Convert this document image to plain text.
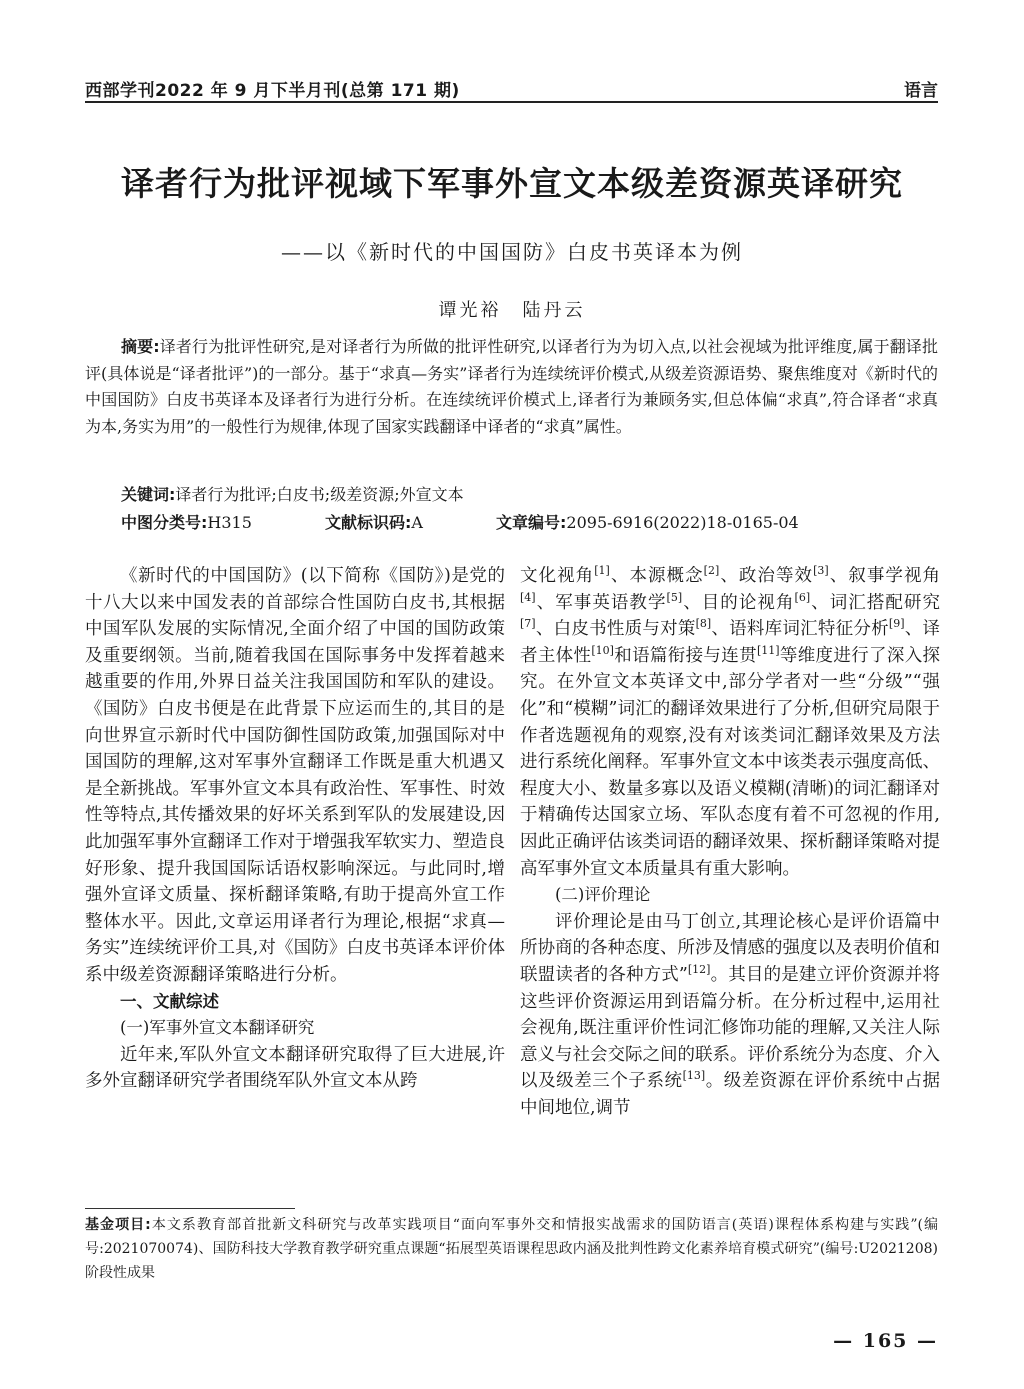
西部学刊2022 年 9 月下半月刊(总第 171 期)	语言
译者行为批评视域下军事外宣文本级差资源英译研究
——以《新时代的中国国防》白皮书英译本为例
谭光裕　陆丹云
摘要:译者行为批评性研究,是对译者行为所做的批评性研究,以译者行为为切入点,以社会视域为批评维度,属于翻译批评(具体说是“译者批评”)的一部分。基于“求真—务实”译者行为连续统评价模式,从级差资源语势、聚焦维度对《新时代的中国国防》白皮书英译本及译者行为进行分析。在连续统评价模式上,译者行为兼顾务实,但总体偏“求真”,符合译者“求真为本,务实为用”的一般性行为规律,体现了国家实践翻译中译者的“求真”属性。
关键词:译者行为批评;白皮书;级差资源;外宣文本
中图分类号:H315	文献标识码:A	文章编号:2095-6916(2022)18-0165-04

《新时代的中国国防》(以下简称《国防》)是党的十八大以来中国发表的首部综合性国防白皮书,其根据中国军队发展的实际情况,全面介绍了中国的国防政策及重要纲领。当前,随着我国在国际事务中发挥着越来越重要的作用,外界日益关注我国国防和军队的建设。《国防》白皮书便是在此背景下应运而生的,其目的是向世界宣示新时代中国防御性国防政策,加强国际对中国国防的理解,这对军事外宣翻译工作既是重大机遇又是全新挑战。军事外宣文本具有政治性、军事性、时效性等特点,其传播效果的好坏关系到军队的发展建设,因此加强军事外宣翻译工作对于增强我军软实力、塑造良好形象、提升我国国际话语权影响深远。与此同时,增强外宣译文质量、探析翻译策略,有助于提高外宣工作整体水平。因此,文章运用译者行为理论,根据“求真—务实”连续统评价工具,对《国防》白皮书英译本评价体系中级差资源翻译策略进行分析。

一、文献综述

(一)军事外宣文本翻译研究

近年来,军队外宣文本翻译研究取得了巨大进展,许多外宣翻译研究学者围绕军队外宣文本从跨

文化视角[1]、本源概念[2]、政治等效[3]、叙事学视角[4]、军事英语教学[5]、目的论视角[6]、词汇搭配研究[7]、白皮书性质与对策[8]、语料库词汇特征分析[9]、译者主体性[10]和语篇衔接与连贯[11]等维度进行了深入探究。在外宣文本英译文中,部分学者对一些“分级”“强化”和“模糊”词汇的翻译效果进行了分析,但研究局限于作者选题视角的观察,没有对该类词汇翻译效果及方法进行系统化阐释。军事外宣文本中该类表示强度高低、程度大小、数量多寡以及语义模糊(清晰)的词汇翻译对于精确传达国家立场、军队态度有着不可忽视的作用,因此正确评估该类词语的翻译效果、探析翻译策略对提高军事外宣文本质量具有重大影响。

(二)评价理论

评价理论是由马丁创立,其理论核心是评价语篇中所协商的各种态度、所涉及情感的强度以及表明价值和联盟读者的各种方式”[12]。其目的是建立评价资源并将这些评价资源运用到语篇分析。在分析过程中,运用社会视角,既注重评价性词汇修饰功能的理解,又关注人际意义与社会交际之间的联系。评价系统分为态度、介入以及级差三个子系统[13]。级差资源在评价系统中占据中间地位,调节

基金项目:本文系教育部首批新文科研究与改革实践项目“面向军事外交和情报实战需求的国防语言(英语)课程体系构建与实践”(编号:2021070074)、国防科技大学教育教学研究重点课题“拓展型英语课程思政内涵及批判性跨文化素养培育模式研究”(编号:U2021208)阶段性成果
— 165 —
